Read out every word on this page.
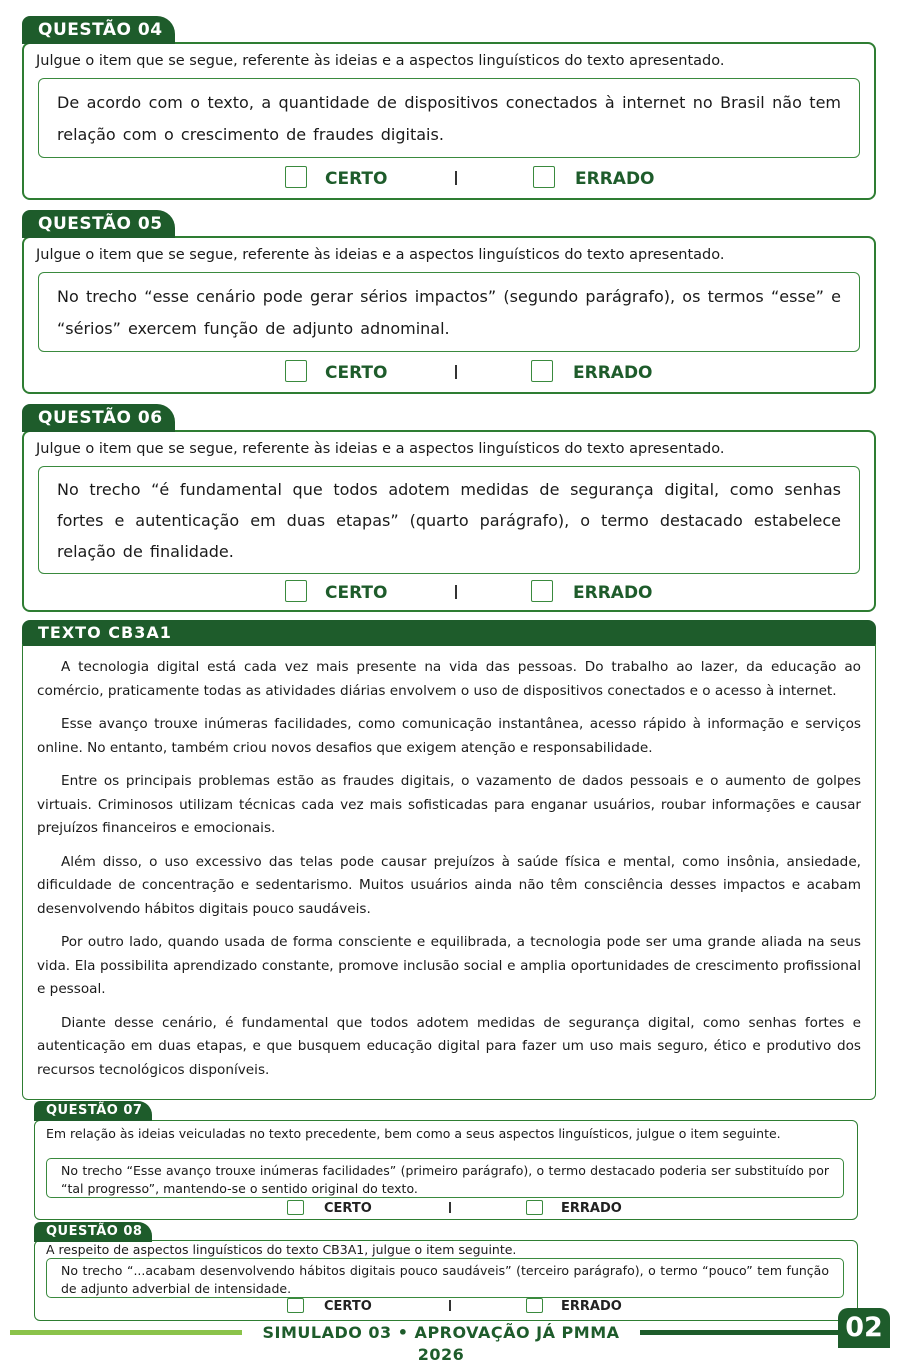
QUESTÃO 04
Julgue o item que se segue, referente às ideias e a aspectos linguísticos do texto apresentado.
De acordo com o texto, a quantidade de dispositivos conectados à internet no Brasil não tem relação com o crescimento de fraudes digitais.
CERTO	ERRADO
QUESTÃO 05
Julgue o item que se segue, referente às ideias e a aspectos linguísticos do texto apresentado.
No trecho “esse cenário pode gerar sérios impactos” (segundo parágrafo), os termos “esse” e “sérios” exercem função de adjunto adnominal.
CERTO	ERRADO
QUESTÃO 06
Julgue o item que se segue, referente às ideias e a aspectos linguísticos do texto apresentado.
No trecho “é fundamental que todos adotem medidas de segurança digital, como senhas fortes e autenticação em duas etapas” (quarto parágrafo), o termo destacado estabelece relação de finalidade.
CERTO	ERRADO
TEXTO CB3A1

A tecnologia digital está cada vez mais presente na vida das pessoas. Do trabalho ao lazer, da educação ao comércio, praticamente todas as atividades diárias envolvem o uso de dispositivos conectados e o acesso à internet.

Esse avanço trouxe inúmeras facilidades, como comunicação instantânea, acesso rápido à informação e serviços online. No entanto, também criou novos desafios que exigem atenção e responsabilidade.

Entre os principais problemas estão as fraudes digitais, o vazamento de dados pessoais e o aumento de golpes virtuais. Criminosos utilizam técnicas cada vez mais sofisticadas para enganar usuários, roubar informações e causar prejuízos financeiros e emocionais.

Além disso, o uso excessivo das telas pode causar prejuízos à saúde física e mental, como insônia, ansiedade, dificuldade de concentração e sedentarismo. Muitos usuários ainda não têm consciência desses impactos e acabam desenvolvendo hábitos digitais pouco saudáveis.

Por outro lado, quando usada de forma consciente e equilibrada, a tecnologia pode ser uma grande aliada na seus vida. Ela possibilita aprendizado constante, promove inclusão social e amplia oportunidades de crescimento profissional e pessoal.

Diante desse cenário, é fundamental que todos adotem medidas de segurança digital, como senhas fortes e autenticação em duas etapas, e que busquem educação digital para fazer um uso mais seguro, ético e produtivo dos recursos tecnológicos disponíveis.

QUESTÃO 07
Em relação às ideias veiculadas no texto precedente, bem como a seus aspectos linguísticos, julgue o item seguinte.
No trecho “Esse avanço trouxe inúmeras facilidades” (primeiro parágrafo), o termo destacado poderia ser substituído por “tal progresso”, mantendo-se o sentido original do texto.
CERTO	ERRADO
QUESTÃO 08
A respeito de aspectos linguísticos do texto CB3A1, julgue o item seguinte.
No trecho “...acabam desenvolvendo hábitos digitais pouco saudáveis” (terceiro parágrafo), o termo “pouco” tem função de adjunto adverbial de intensidade.
CERTO	ERRADO
SIMULADO 03 • APROVAÇÃO JÁ PMMA 2026
02
